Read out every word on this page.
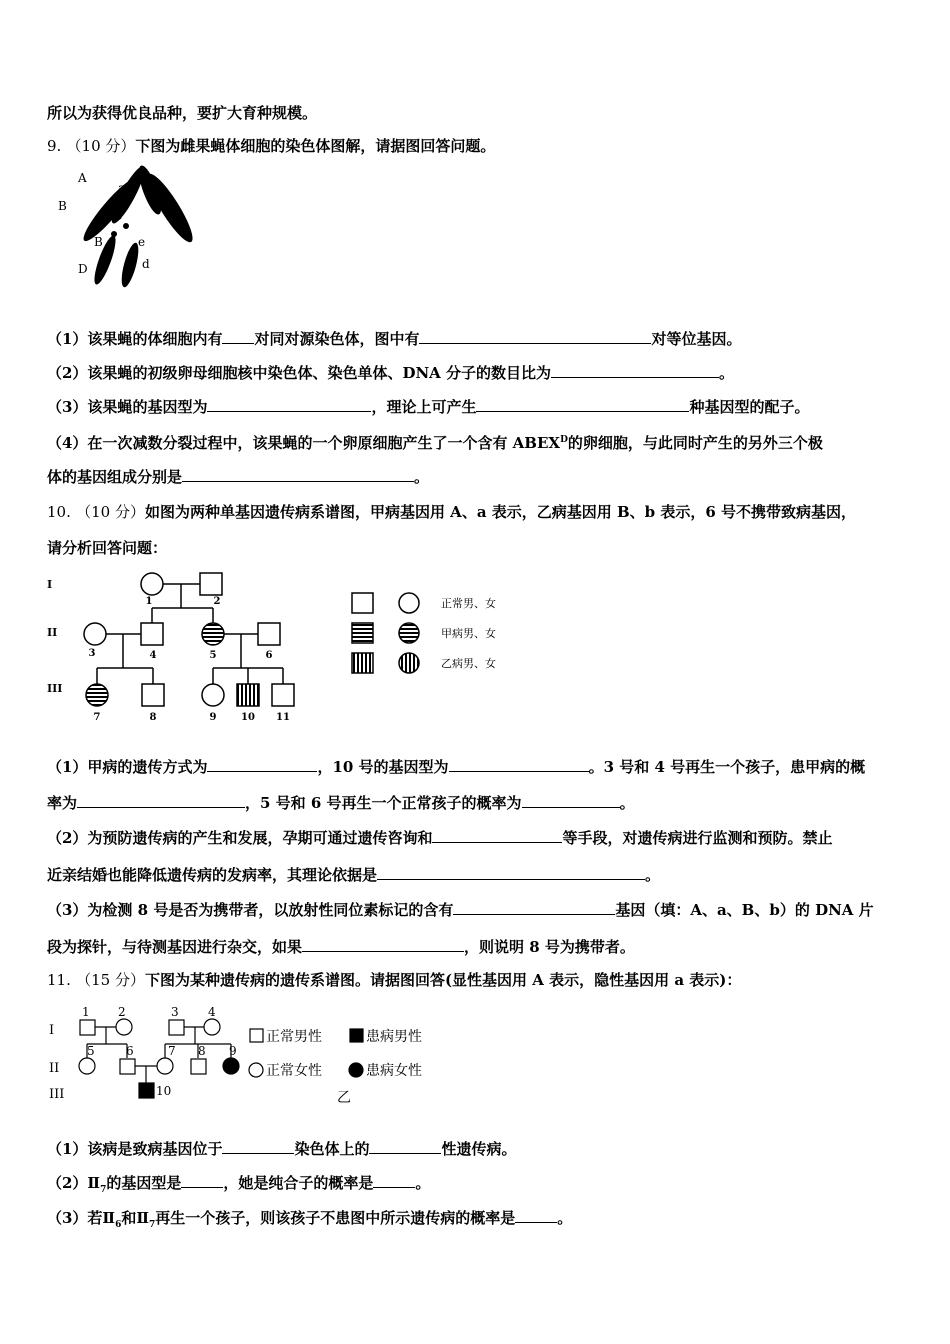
所以为获得优良品种，要扩大育种规模。
9. （10 分）下图为雌果蝇体细胞的染色体图解，请据图回答问题。
A
a
B	E
B	e
D	d
（1）该果蝇的体细胞内有 对同对源染色体，图中有	对等位基因。
（2）该果蝇的初级卵母细胞核中染色体、染色单体、DNA 分子的数目比为	。
（3）该果蝇的基因型为	，理论上可产生	种基因型的配子。
（4）在一次减数分裂过程中，该果蝇的一个卵原细胞产生了一个含有 $ABEX^D$的卵细胞，与此同时产生的另外三个极
体的基因组成分别是	。
10. （10 分）如图为两种单基因遗传病系谱图，甲病基因用 A、a 表示，乙病基因用 B、b 表示，6 号不携带致病基因，
请分析回答问题：
I
II
III
1	2
3	4	5	6
7	8	9 10 11
正常男、女
甲病男、女
乙病男、女
（1）甲病的遗传方式为	，10 号的基因型为	。3 号和 4 号再生一个孩子，患甲病的概
率为	，5 号和 6 号再生一个正常孩子的概率为	。
（2）为预防遗传病的产生和发展，孕期可通过遗传咨询和	等手段，对遗传病进行监测和预防。禁止
近亲结婚也能降低遗传病的发病率，其理论依据是	。
（3）为检测 8 号是否为携带者，以放射性同位素标记的含有	基因（填：A、a、B、b）的 DNA 片
段为探针，与待测基因进行杂交，如果	，则说明 8 号为携带者。
11. （15 分）下图为某种遗传病的遗传系谱图。请据图回答(显性基因用 A 表示，隐性基因用 a 表示)：
I
II
III
1 2	3 4
5	6	7 8 9
10
正常男性	患病男性
正常女性	患病女性
乙
（1）该病是致病基因位于	染色体上的	性遗传病。
$(2)Ⅱ_7$的基因型是	，她是纯合子的概率是	。
（3）若$Ⅱ_6$和$Ⅱ_7$再生一个孩子，则该孩子不患图中所示遗传病的概率是	。
